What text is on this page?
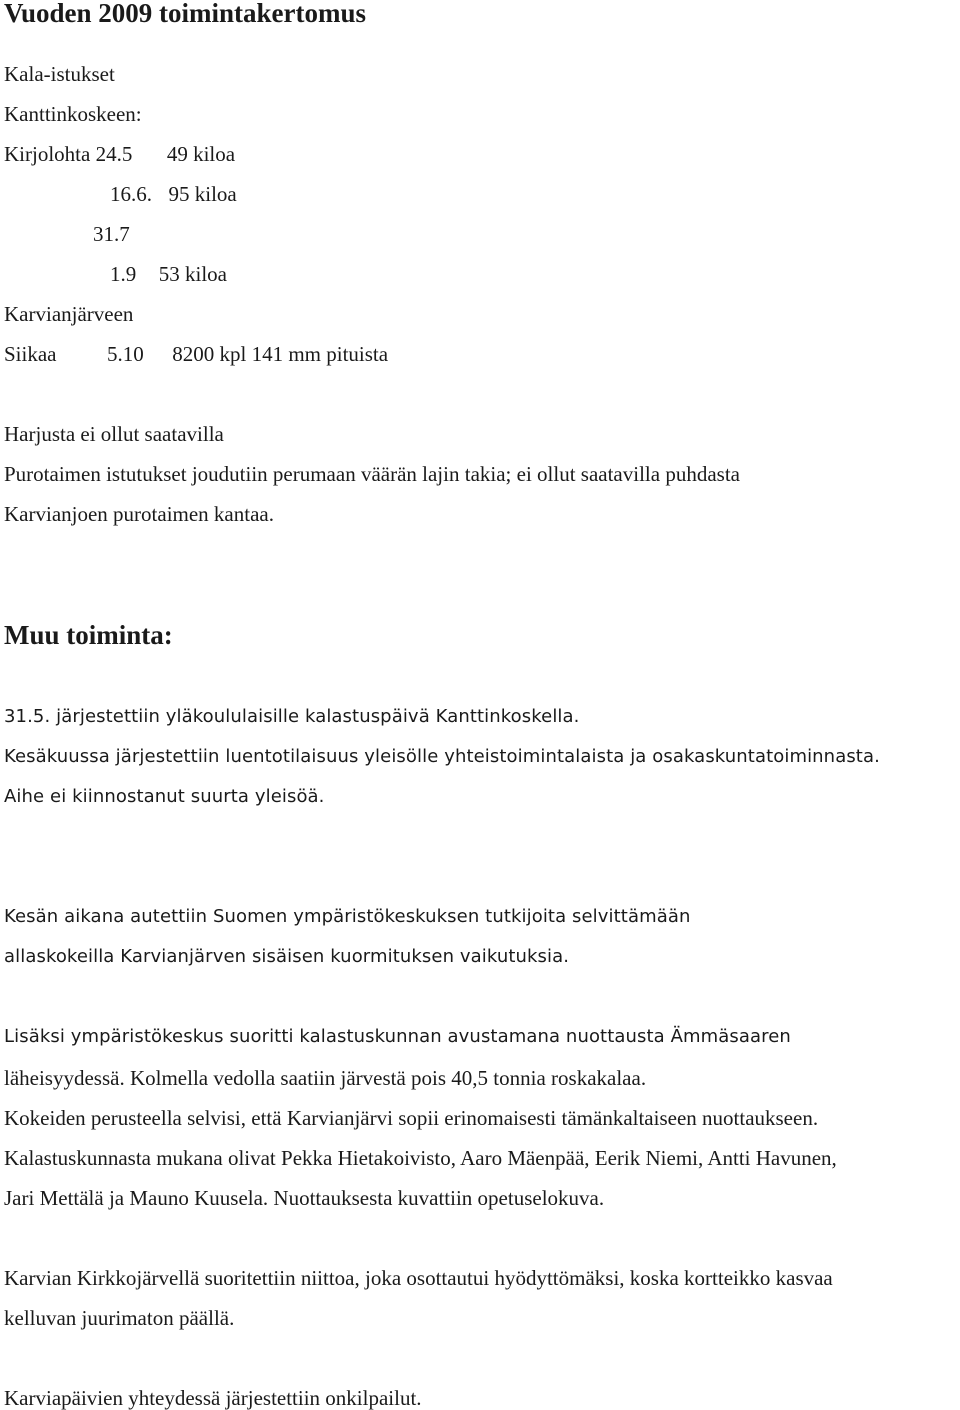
Vuoden 2009 toimintakertomus
Kala-istukset
Kanttinkoskeen:
Kirjolohta 24.5 49 kiloa
16.6. 95 kiloa
31.7
1.9 53 kiloa
Karvianjärveen
Siikaa 5.10 8200 kpl 141 mm pituista
Harjusta ei ollut saatavilla
Purotaimen istutukset joudutiin perumaan väärän lajin takia; ei ollut saatavilla puhdasta
Karvianjoen purotaimen kantaa.
Muu toiminta:
31.5. järjestettiin yläkoululaisille kalastuspäivä Kanttinkoskella.
Kesäkuussa järjestettiin luentotilaisuus yleisölle yhteistoimintalaista ja osakaskuntatoiminnasta.
Aihe ei kiinnostanut suurta yleisöä.
Kesän aikana autettiin Suomen ympäristökeskuksen tutkijoita selvittämään
allaskokeilla Karvianjärven sisäisen kuormituksen vaikutuksia.
Lisäksi ympäristökeskus suoritti kalastuskunnan avustamana nuottausta Ämmäsaaren
läheisyydessä. Kolmella vedolla saatiin järvestä pois 40,5 tonnia roskakalaa.
Kokeiden perusteella selvisi, että Karvianjärvi sopii erinomaisesti tämänkaltaiseen nuottaukseen.
Kalastuskunnasta mukana olivat Pekka Hietakoivisto, Aaro Mäenpää, Eerik Niemi, Antti Havunen,
Jari Mettälä ja Mauno Kuusela. Nuottauksesta kuvattiin opetuselokuva.
Karvian Kirkkojärvellä suoritettiin niittoa, joka osottautui hyödyttömäksi, koska kortteikko kasvaa
kelluvan juurimaton päällä.
Karviapäivien yhteydessä järjestettiin onkilpailut.
